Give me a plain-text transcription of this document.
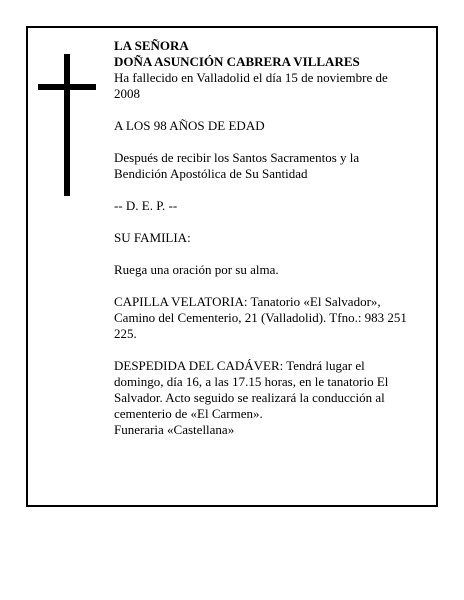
LA SEÑORA

DOÑA ASUNCIÓN CABRERA VILLARES

Ha fallecido en Valladolid el día 15 de noviembre de 2008

A LOS 98 AÑOS DE EDAD

Después de recibir los Santos Sacramentos y la Bendición Apostólica de Su Santidad

-- D. E. P. --

SU FAMILIA:

Ruega una oración por su alma.

CAPILLA VELATORIA: Tanatorio «El Salvador», Camino del Cementerio, 21 (Valladolid). Tfno.: 983 251 225.

DESPEDIDA DEL CADÁVER: Tendrá lugar el domingo, día 16, a las 17.15 horas, en le tanatorio El Salvador. Acto seguido se realizará la conducción al cementerio de «El Carmen».

Funeraria «Castellana»
